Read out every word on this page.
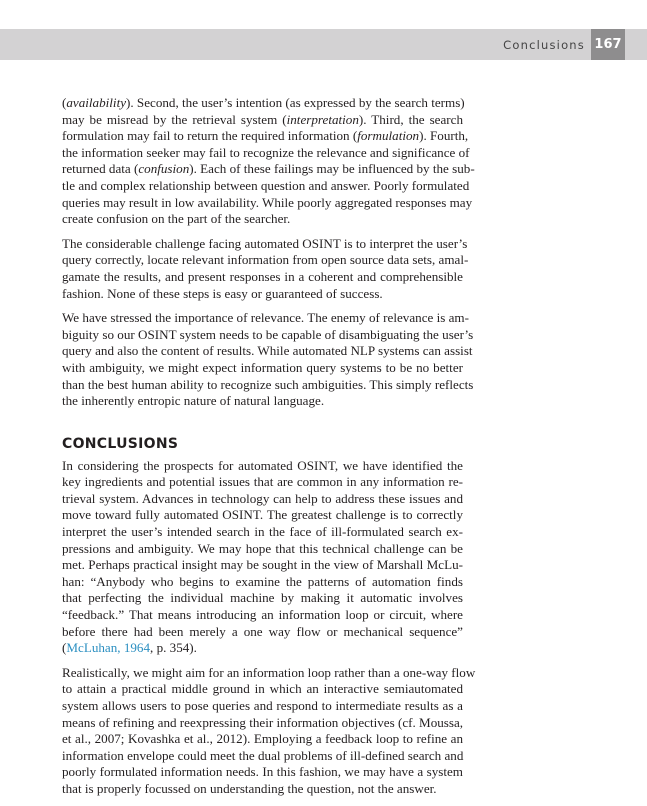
Conclusions 167
(availability). Second, the user’s intention (as expressed by the search terms)
may be misread by the retrieval system (interpretation). Third, the search
formulation may fail to return the required information (formulation). Fourth,
the information seeker may fail to recognize the relevance and significance of
returned data (confusion). Each of these failings may be influenced by the sub-
tle and complex relationship between question and answer. Poorly formulated
queries may result in low availability. While poorly aggregated responses may
create confusion on the part of the searcher.
The considerable challenge facing automated OSINT is to interpret the user’s
query correctly, locate relevant information from open source data sets, amal-
gamate the results, and present responses in a coherent and comprehensible
fashion. None of these steps is easy or guaranteed of success.
We have stressed the importance of relevance. The enemy of relevance is am-
biguity so our OSINT system needs to be capable of disambiguating the user’s
query and also the content of results. While automated NLP systems can assist
with ambiguity, we might expect information query systems to be no better
than the best human ability to recognize such ambiguities. This simply reflects
the inherently entropic nature of natural language.
CONCLUSIONS
In considering the prospects for automated OSINT, we have identified the
key ingredients and potential issues that are common in any information re-
trieval system. Advances in technology can help to address these issues and
move toward fully automated OSINT. The greatest challenge is to correctly
interpret the user’s intended search in the face of ill-formulated search ex-
pressions and ambiguity. We may hope that this technical challenge can be
met. Perhaps practical insight may be sought in the view of Marshall McLu-
han: “Anybody who begins to examine the patterns of automation finds
that perfecting the individual machine by making it automatic involves
“feedback.” That means introducing an information loop or circuit, where
before there had been merely a one way flow or mechanical sequence”
(McLuhan, 1964, p. 354).
Realistically, we might aim for an information loop rather than a one-way flow
to attain a practical middle ground in which an interactive semiautomated
system allows users to pose queries and respond to intermediate results as a
means of refining and reexpressing their information objectives (cf. Moussa,
et al., 2007; Kovashka et al., 2012). Employing a feedback loop to refine an
information envelope could meet the dual problems of ill-defined search and
poorly formulated information needs. In this fashion, we may have a system
that is properly focussed on understanding the question, not the answer.
